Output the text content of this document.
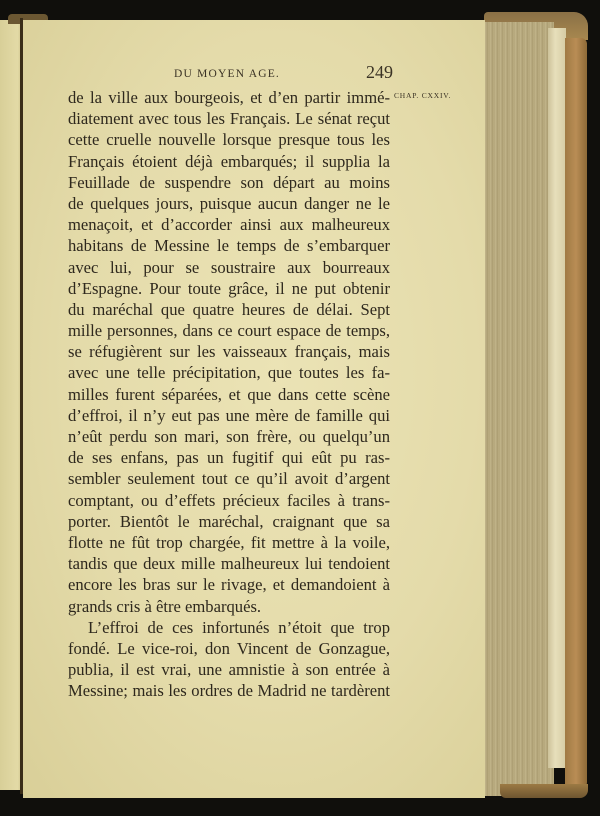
DU MOYEN AGE.	249
CHAP. CXXIV.
de la ville aux bourgeois, et d’en partir immé-
diatement avec tous les Français. Le sénat reçut
cette cruelle nouvelle lorsque presque tous les
Français étoient déjà embarqués; il supplia la
Feuillade de suspendre son départ au moins
de quelques jours, puisque aucun danger ne le
menaçoit, et d’accorder ainsi aux malheureux
habitans de Messine le temps de s’embarquer
avec lui, pour se soustraire aux bourreaux
d’Espagne. Pour toute grâce, il ne put obtenir
du maréchal que quatre heures de délai. Sept
mille personnes, dans ce court espace de temps,
se réfugièrent sur les vaisseaux français, mais
avec une telle précipitation, que toutes les fa-
milles furent séparées, et que dans cette scène
d’effroi, il n’y eut pas une mère de famille qui
n’eût perdu son mari, son frère, ou quelqu’un
de ses enfans, pas un fugitif qui eût pu ras-
sembler seulement tout ce qu’il avoit d’argent
comptant, ou d’effets précieux faciles à trans-
porter. Bientôt le maréchal, craignant que sa
flotte ne fût trop chargée, fit mettre à la voile,
tandis que deux mille malheureux lui tendoient
encore les bras sur le rivage, et demandoient à
grands cris à être embarqués.
L’effroi de ces infortunés n’étoit que trop
fondé. Le vice-roi, don Vincent de Gonzague,
publia, il est vrai, une amnistie à son entrée à
Messine; mais les ordres de Madrid ne tardèrent
